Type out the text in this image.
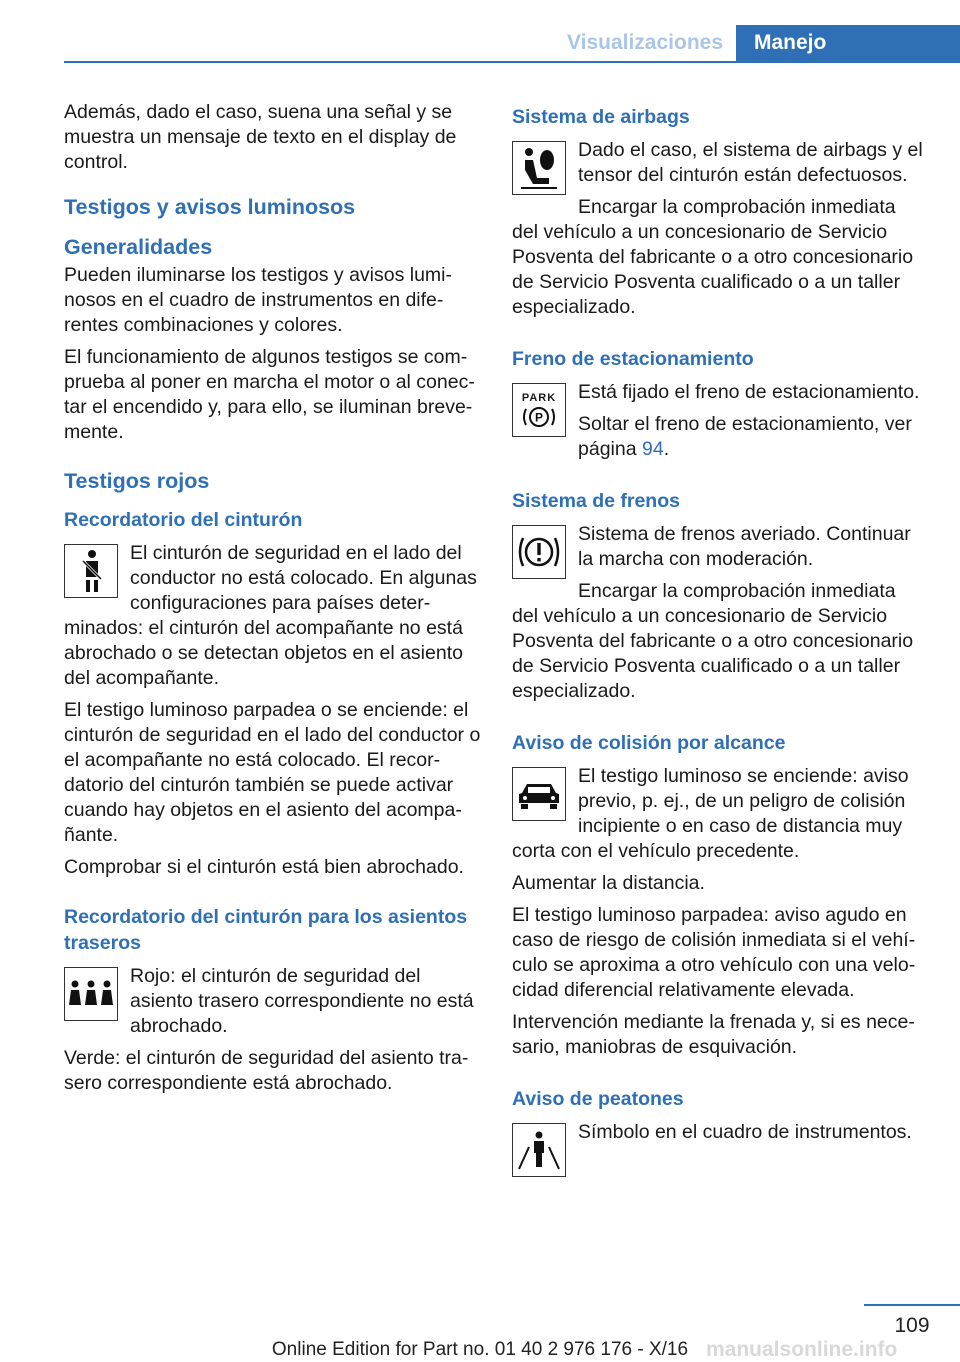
Visualizaciones	Manejo

Además, dado el caso, suena una señal y se muestra un mensaje de texto en el display de control.

Testigos y avisos luminosos
Generalidades

Pueden iluminarse los testigos y avisos luminosos en el cuadro de instrumentos en diferentes combinaciones y colores.

El funcionamiento de algunos testigos se comprueba al poner en marcha el motor o al conectar el encendido y, para ello, se iluminan brevemente.

Testigos rojos
Recordatorio del cinturón

El cinturón de seguridad en el lado del conductor no está colocado. En algunas configuraciones para países determinados: el cinturón del acompañante no está abrochado o se detectan objetos en el asiento del acompañante.

El testigo luminoso parpadea o se enciende: el cinturón de seguridad en el lado del conductor o el acompañante no está colocado. El recordatorio del cinturón también se puede activar cuando hay objetos en el asiento del acompañante.

Comprobar si el cinturón está bien abrochado.

Recordatorio del cinturón para los asientos traseros

Rojo: el cinturón de seguridad del asiento trasero correspondiente no está abrochado.

Verde: el cinturón de seguridad del asiento trasero correspondiente está abrochado.

Sistema de airbags

Dado el caso, el sistema de airbags y el tensor del cinturón están defectuosos.

Encargar la comprobación inmediata del vehículo a un concesionario de Servicio Posventa del fabricante o a otro concesionario de Servicio Posventa cualificado o a un taller especializado.

Freno de estacionamiento
PARK
P

Está fijado el freno de estacionamiento.

Soltar el freno de estacionamiento, ver página 94.

Sistema de frenos

Sistema de frenos averiado. Continuar la marcha con moderación.

Encargar la comprobación inmediata del vehículo a un concesionario de Servicio Posventa del fabricante o a otro concesionario de Servicio Posventa cualificado o a un taller especializado.

Aviso de colisión por alcance

El testigo luminoso se enciende: aviso previo, p. ej., de un peligro de colisión incipiente o en caso de distancia muy corta con el vehículo precedente.

Aumentar la distancia.

El testigo luminoso parpadea: aviso agudo en caso de riesgo de colisión inmediata si el vehículo se aproxima a otro vehículo con una velocidad diferencial relativamente elevada.

Intervención mediante la frenada y, si es necesario, maniobras de esquivación.

Aviso de peatones

Símbolo en el cuadro de instrumentos.

109
Online Edition for Part no. 01 40 2 976 176 - X/16 manualsonline.info
